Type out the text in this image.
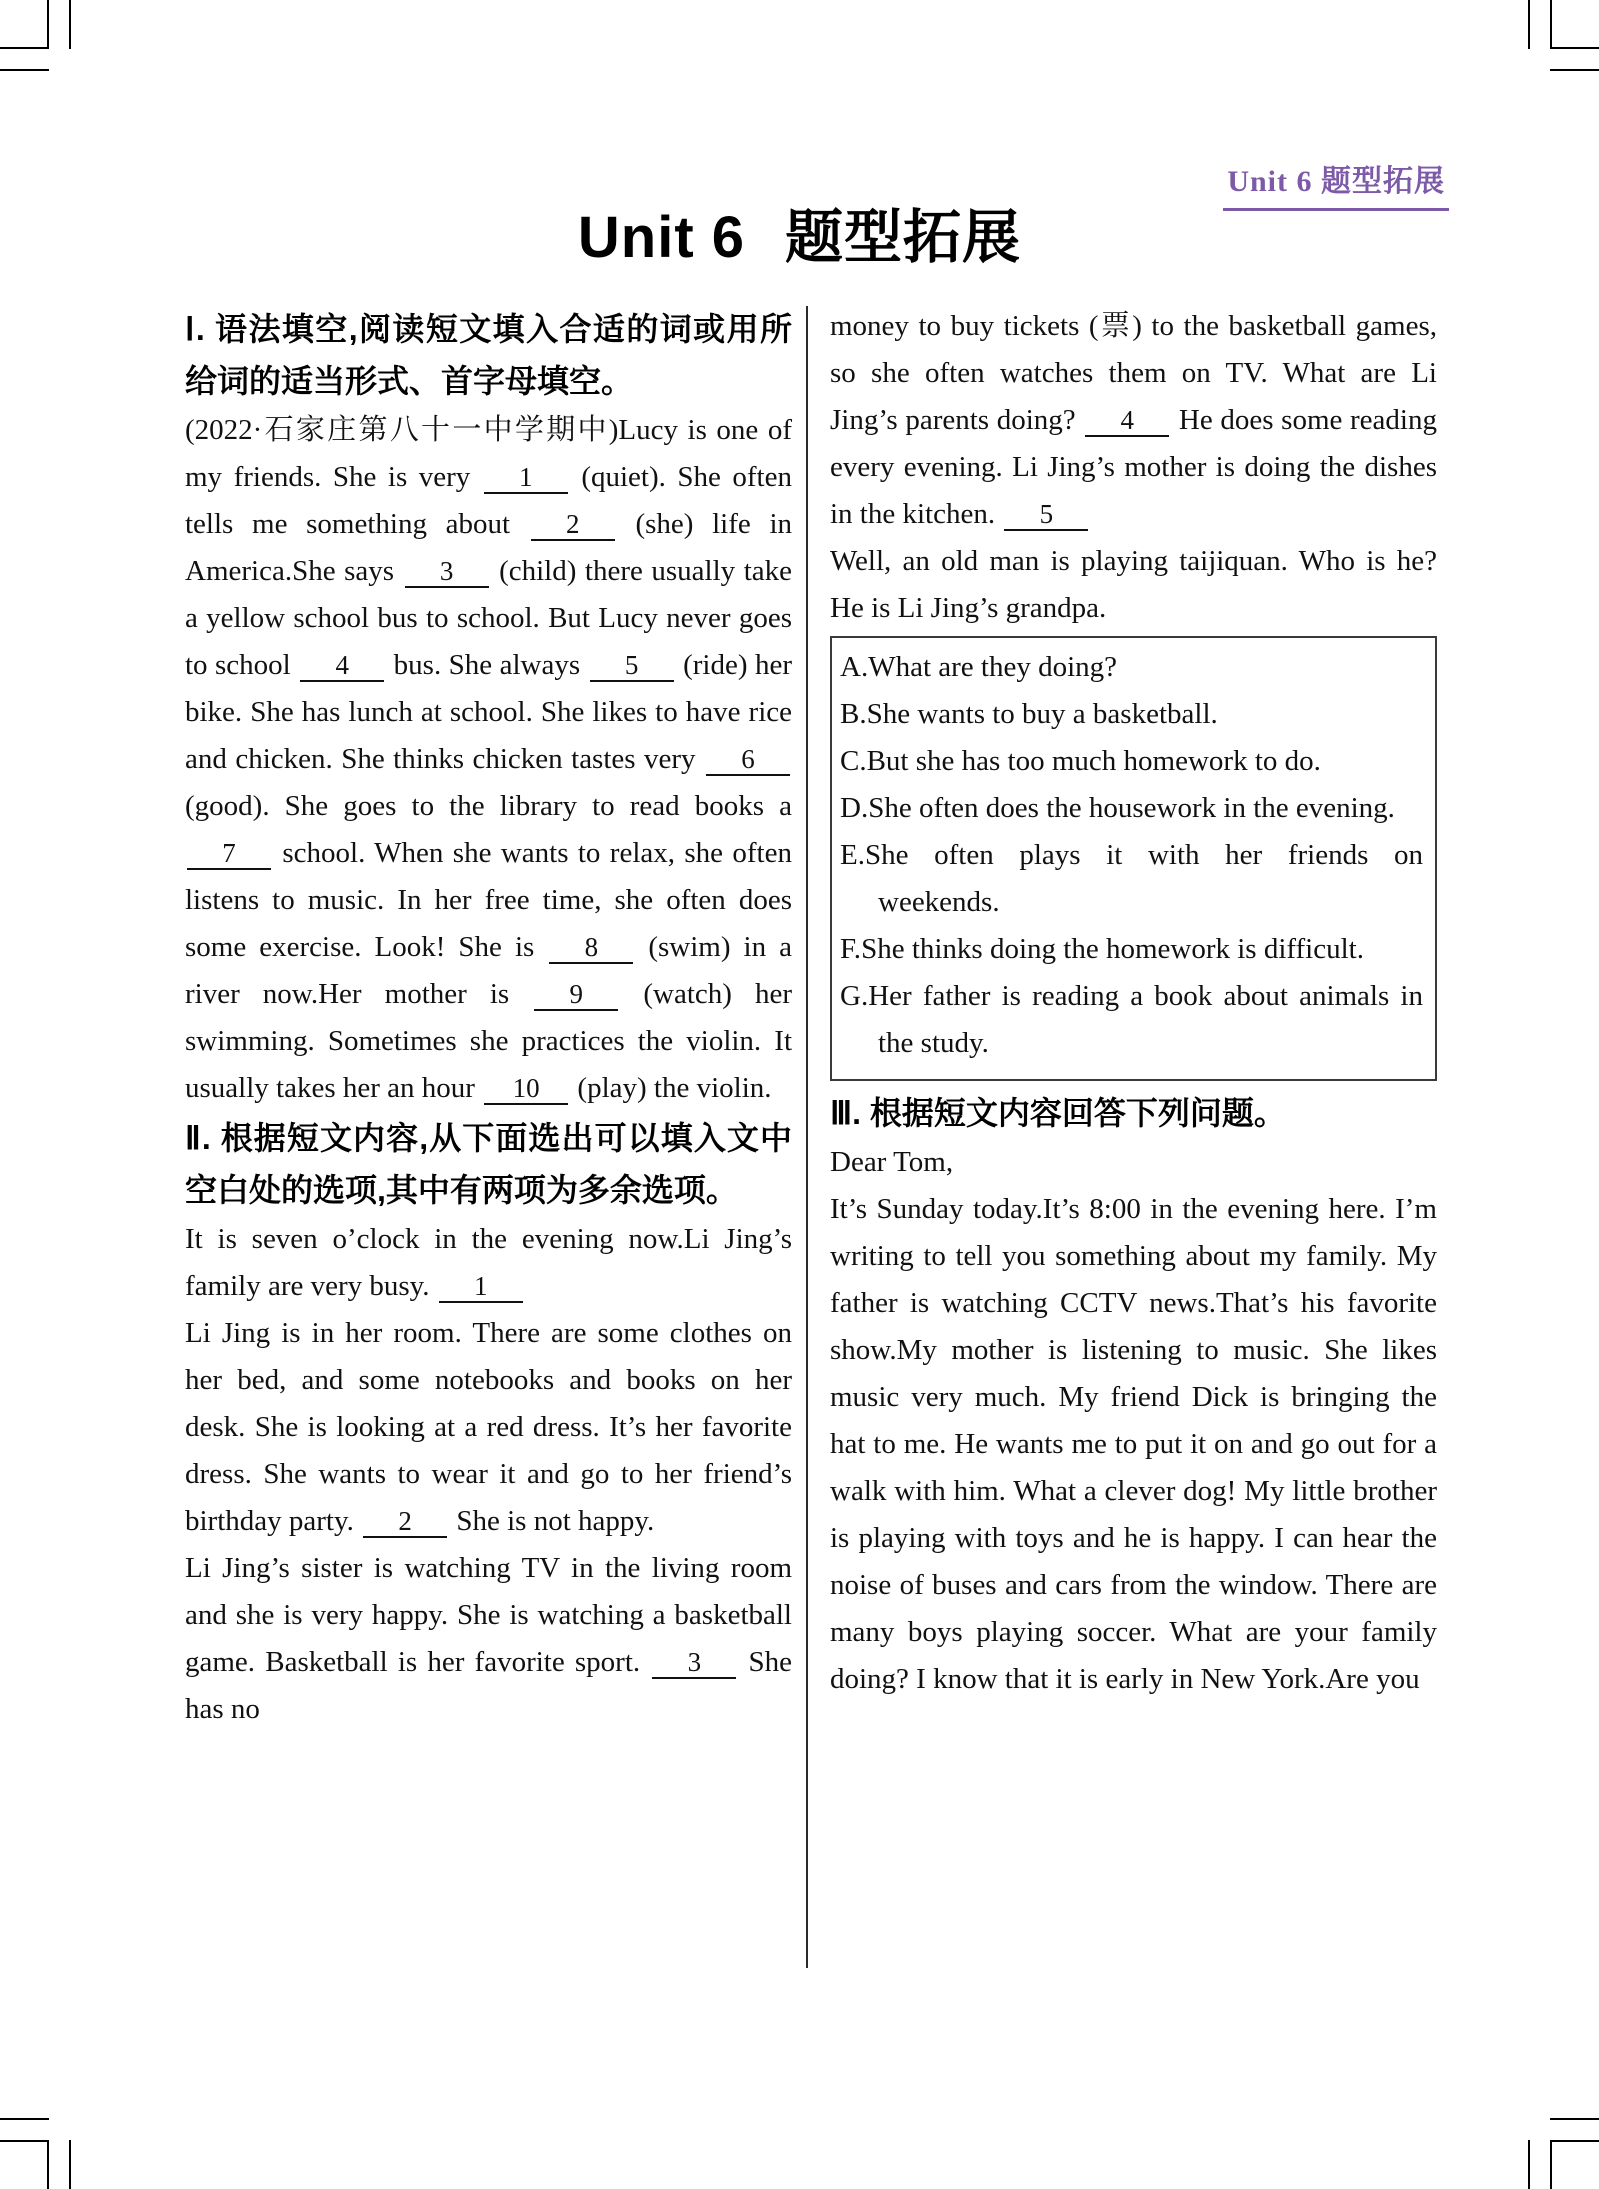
Unit 6 题型拓展
Unit 6 题型拓展
Ⅰ. 语法填空,阅读短文填入合适的词或用所给词的适当形式、首字母填空。

(2022·石家庄第八十一中学期中)Lucy is one of my friends. She is very 1 (quiet). She often tells me something about 2 (she) life in America.She says 3 (child) there usually take a yellow school bus to school. But Lucy never goes to school 4 bus. She always 5 (ride) her bike. She has lunch at school. She likes to have rice and chicken. She thinks chicken tastes very 6 (good). She goes to the library to read books a 7 school. When she wants to relax, she often listens to music. In her free time, she often does some exercise. Look! She is 8 (swim) in a river now.Her mother is 9 (watch) her swimming. Sometimes she practices the violin. It usually takes her an hour 10 (play) the violin.

Ⅱ. 根据短文内容,从下面选出可以填入文中空白处的选项,其中有两项为多余选项。

It is seven o’clock in the evening now.Li Jing’s family are very busy. 1

Li Jing is in her room. There are some clothes on her bed, and some notebooks and books on her desk. She is looking at a red dress. It’s her favorite dress. She wants to wear it and go to her friend’s birthday party. 2 She is not happy.

Li Jing’s sister is watching TV in the living room and she is very happy. She is watching a basketball game. Basketball is her favorite sport. 3 She has no

money to buy tickets (票) to the basketball games, so she often watches them on TV. What are Li Jing’s parents doing? 4 He does some reading every evening. Li Jing’s mother is doing the dishes in the kitchen. 5

Well, an old man is playing taijiquan. Who is he? He is Li Jing’s grandpa.

A.What are they doing?
B.She wants to buy a basketball.
C.But she has too much homework to do.
D.She often does the housework in the evening.
E.She often plays it with her friends on weekends.
F.She thinks doing the homework is difficult.
G.Her father is reading a book about animals in the study.
Ⅲ. 根据短文内容回答下列问题。

Dear Tom,

It’s Sunday today.It’s 8:00 in the evening here. I’m writing to tell you something about my family. My father is watching CCTV news.That’s his favorite show.My mother is listening to music. She likes music very much. My friend Dick is bringing the hat to me. He wants me to put it on and go out for a walk with him. What a clever dog! My little brother is playing with toys and he is happy. I can hear the noise of buses and cars from the window. There are many boys playing soccer. What are your family doing? I know that it is early in New York.Are you
